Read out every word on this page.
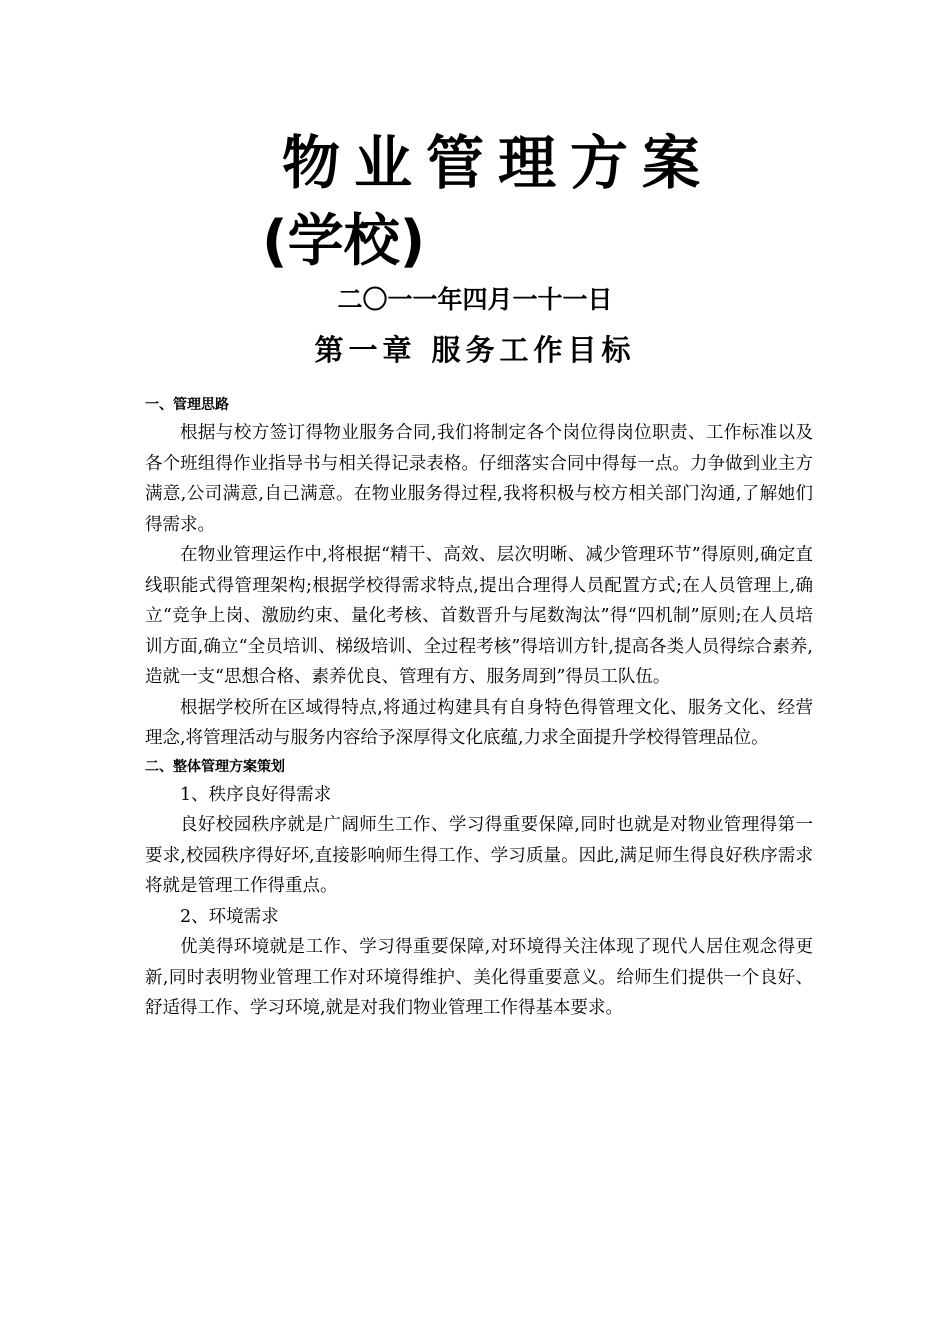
物业管理方案
(学校)
二〇一一年四月一十一日
第一章 服务工作目标
一、管理思路

根据与校方签订得物业服务合同,我们将制定各个岗位得岗位职责、工作标准以及各个班组得作业指导书与相关得记录表格。仔细落实合同中得每一点。力争做到业主方满意,公司满意,自己满意。在物业服务得过程,我将积极与校方相关部门沟通,了解她们得需求。

在物业管理运作中,将根据“精干、高效、层次明晰、减少管理环节”得原则,确定直线职能式得管理架构;根据学校得需求特点,提出合理得人员配置方式;在人员管理上,确立“竞争上岗、激励约束、量化考核、首数晋升与尾数淘汰”得“四机制”原则;在人员培训方面,确立“全员培训、梯级培训、全过程考核”得培训方针,提高各类人员得综合素养,造就一支“思想合格、素养优良、管理有方、服务周到”得员工队伍。

根据学校所在区域得特点,将通过构建具有自身特色得管理文化、服务文化、经营理念,将管理活动与服务内容给予深厚得文化底蕴,力求全面提升学校得管理品位。

二、整体管理方案策划
1、秩序良好得需求

良好校园秩序就是广阔师生工作、学习得重要保障,同时也就是对物业管理得第一要求,校园秩序得好坏,直接影响师生得工作、学习质量。因此,满足师生得良好秩序需求将就是管理工作得重点。

2、环境需求

优美得环境就是工作、学习得重要保障,对环境得关注体现了现代人居住观念得更新,同时表明物业管理工作对环境得维护、美化得重要意义。给师生们提供一个良好、舒适得工作、学习环境,就是对我们物业管理工作得基本要求。
